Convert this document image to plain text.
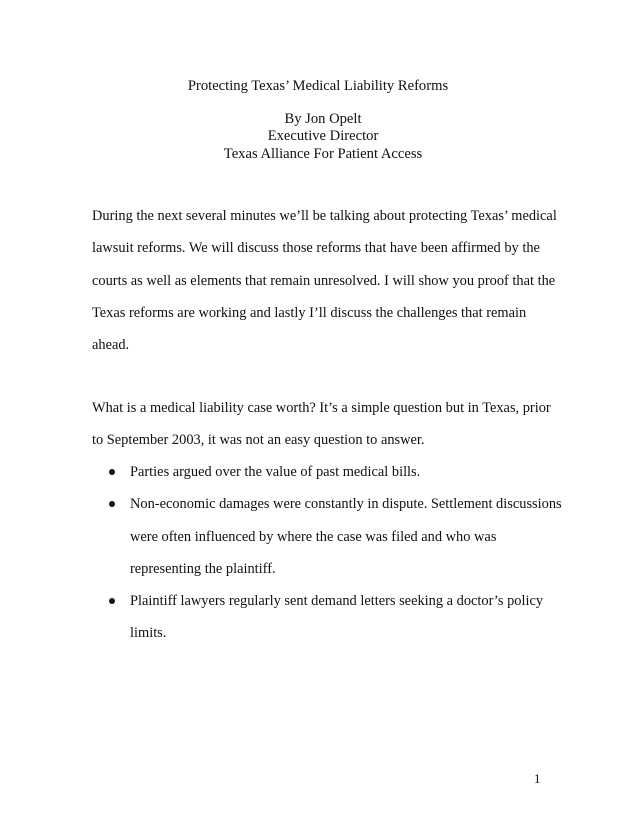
Protecting Texas’ Medical Liability Reforms
By Jon Opelt
Executive Director
Texas Alliance For Patient Access

During the next several minutes we’ll be talking about protecting Texas’ medical lawsuit reforms. We will discuss those reforms that have been affirmed by the courts as well as elements that remain unresolved. I will show you proof that the Texas reforms are working and lastly I’ll discuss the challenges that remain ahead.

What is a medical liability case worth? It’s a simple question but in Texas, prior to September 2003, it was not an easy question to answer.

Parties argued over the value of past medical bills.
Non-economic damages were constantly in dispute. Settlement discussions were often influenced by where the case was filed and who was representing the plaintiff.
Plaintiff lawyers regularly sent demand letters seeking a doctor’s policy limits.
1
